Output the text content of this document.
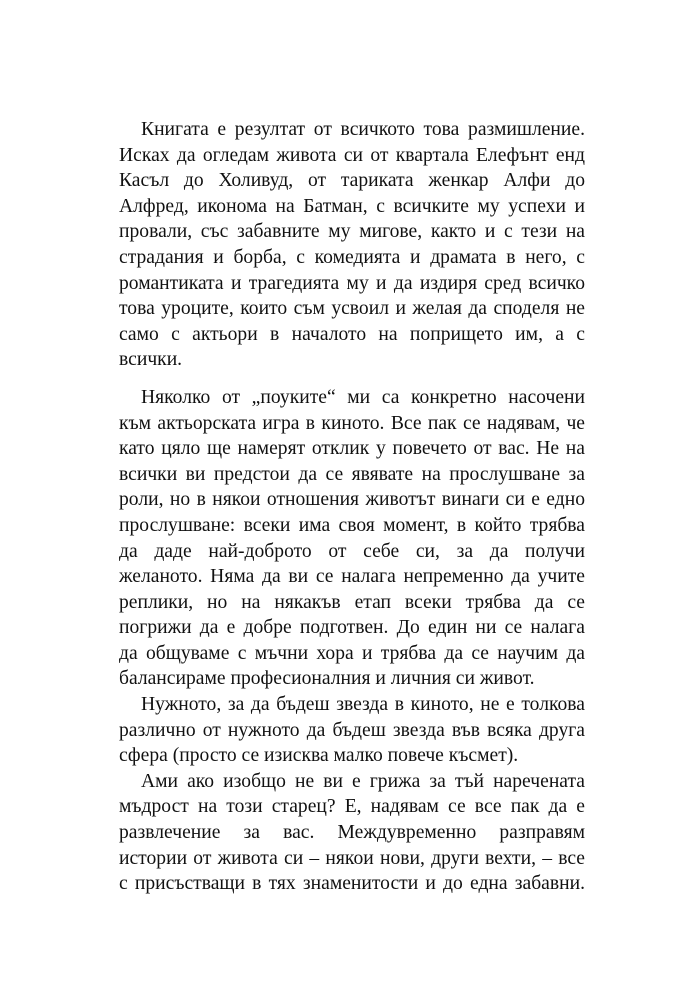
Книгата е резултат от всичкото това размишление.
Исках да огледам живота си от квартала Елефънт енд
Касъл до Холивуд, от тариката женкар Алфи до
Алфред, иконома на Батман, с всичките му успехи и
провали, със забавните му мигове, както и с тези на
страдания и борба, с комедията и драмата в него, с
романтиката и трагедията му и да издиря сред всичко
това уроците, които съм усвоил и желая да споделя не
само с актьори в началото на попрището им, а с
всички.
Няколко от „поуките“ ми са конкретно насочени
към актьорската игра в киното. Все пак се надявам, че
като цяло ще намерят отклик у повечето от вас. Не на
всички ви предстои да се явявате на прослушване за
роли, но в някои отношения животът винаги си е едно
прослушване: всеки има своя момент, в който трябва
да даде най-доброто от себе си, за да получи
желаното. Няма да ви се налага непременно да учите
реплики, но на някакъв етап всеки трябва да се
погрижи да е добре подготвен. До един ни се налага
да общуваме с мъчни хора и трябва да се научим да
балансираме професионалния и личния си живот.
Нужното, за да бъдеш звезда в киното, не е толкова
различно от нужното да бъдеш звезда във всяка друга
сфера (просто се изисква малко повече късмет).
Ами ако изобщо не ви е грижа за тъй наречената
мъдрост на този старец? Е, надявам се все пак да е
развлечение за вас. Междувременно разправям
истории от живота си – някои нови, други вехти, – все
с присъстващи в тях знаменитости и до една забавни.
